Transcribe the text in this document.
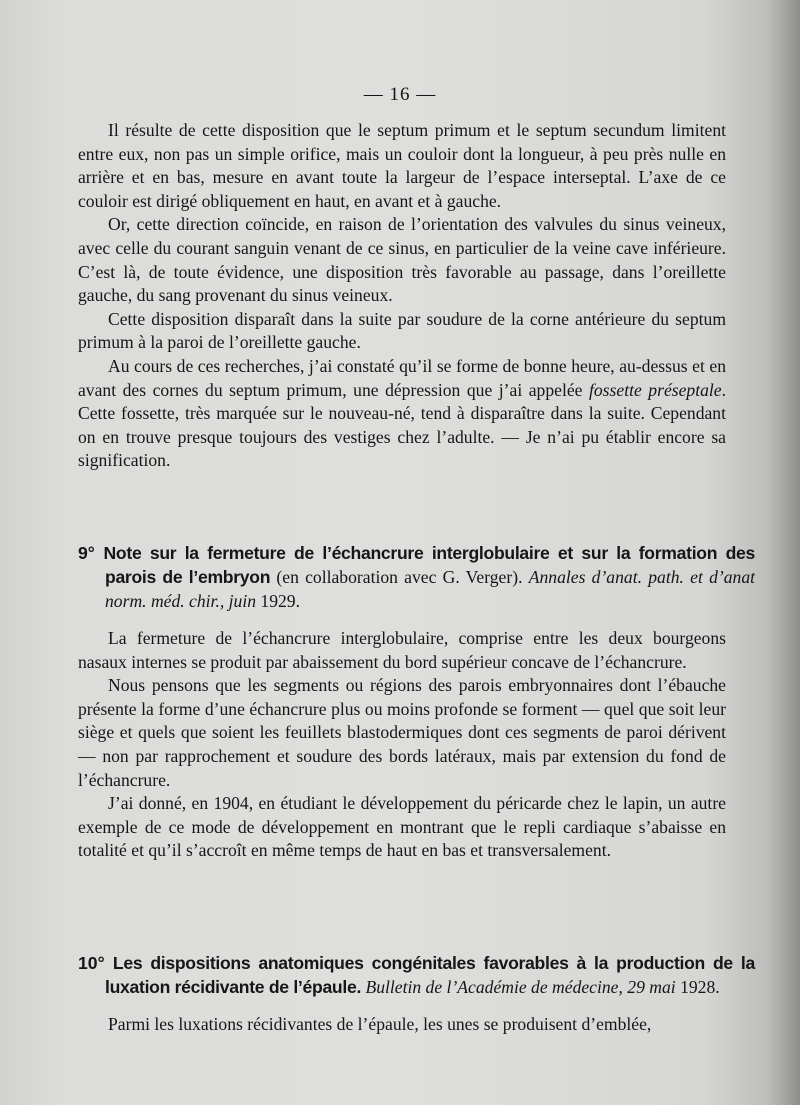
— 16 —

Il résulte de cette disposition que le septum primum et le septum secundum limitent entre eux, non pas un simple orifice, mais un couloir dont la longueur, à peu près nulle en arrière et en bas, mesure en avant toute la largeur de l’espace interseptal. L’axe de ce couloir est dirigé obliquement en haut, en avant et à gauche.

Or, cette direction coïncide, en raison de l’orientation des valvules du sinus veineux, avec celle du courant sanguin venant de ce sinus, en particulier de la veine cave inférieure. C’est là, de toute évidence, une disposition très favorable au passage, dans l’oreillette gauche, du sang provenant du sinus veineux.

Cette disposition disparaît dans la suite par soudure de la corne antérieure du septum primum à la paroi de l’oreillette gauche.

Au cours de ces recherches, j’ai constaté qu’il se forme de bonne heure, au-dessus et en avant des cornes du septum primum, une dépression que j’ai appelée fossette préseptale. Cette fossette, très marquée sur le nouveau-né, tend à disparaître dans la suite. Cependant on en trouve presque toujours des vestiges chez l’adulte. — Je n’ai pu établir encore sa signification.

9° Note sur la fermeture de l’échancrure interglobulaire et sur la formation des parois de l’embryon (en collaboration avec G. Verger). Annales d’anat. path. et d’anat norm. méd. chir., juin 1929.

La fermeture de l’échancrure interglobulaire, comprise entre les deux bourgeons nasaux internes se produit par abaissement du bord supérieur concave de l’échancrure.

Nous pensons que les segments ou régions des parois embryonnaires dont l’ébauche présente la forme d’une échancrure plus ou moins profonde se forment — quel que soit leur siège et quels que soient les feuillets blastodermiques dont ces segments de paroi dérivent — non par rapprochement et soudure des bords latéraux, mais par extension du fond de l’échancrure.

J’ai donné, en 1904, en étudiant le développement du péricarde chez le lapin, un autre exemple de ce mode de développement en montrant que le repli cardiaque s’abaisse en totalité et qu’il s’accroît en même temps de haut en bas et transversalement.

10° Les dispositions anatomiques congénitales favorables à la production de la luxation récidivante de l’épaule. Bulletin de l’Académie de médecine, 29 mai 1928.

Parmi les luxations récidivantes de l’épaule, les unes se produisent d’emblée,
